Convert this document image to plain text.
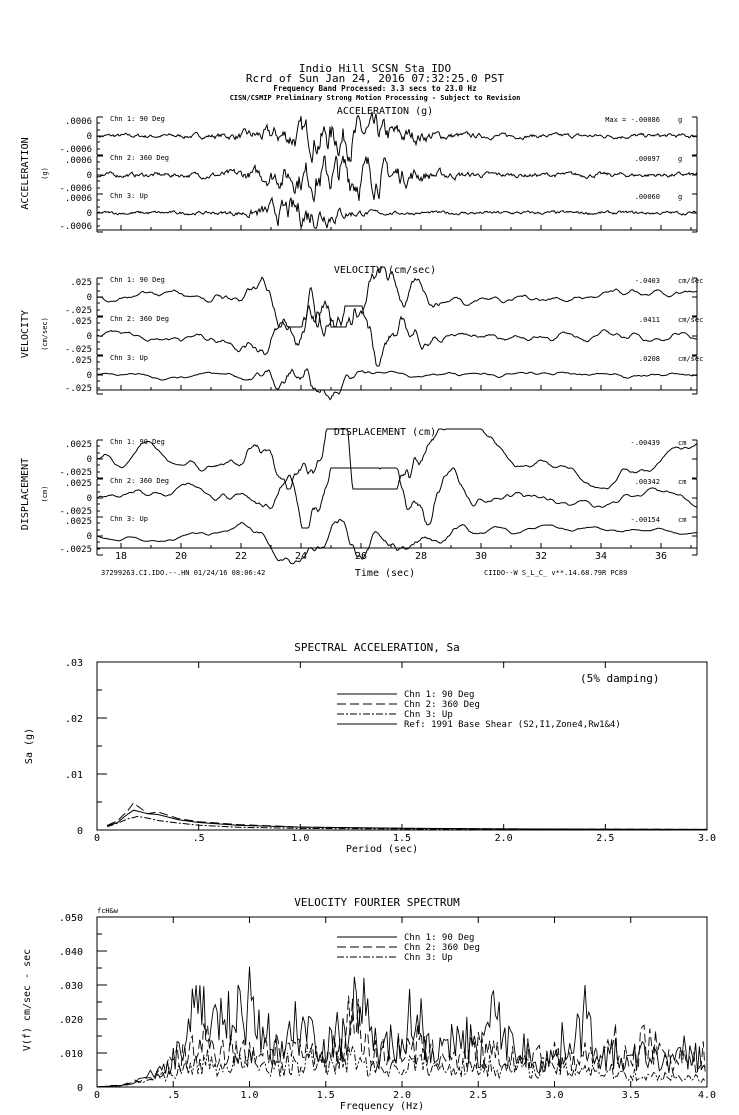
Indio Hill SCSN Sta IDO
Rcrd of Sun Jan 24, 2016 07:32:25.0 PST
Frequency Band Processed: 3.3 secs to 23.0 Hz
CISN/CSMIP Preliminary Strong Motion Processing - Subject to Revision
37299263.CI.IDO.--.HN 01/24/16 08:06:42	CIIDO--W S_L_C_ v**.14.68.79R PC89
Time (sec)
ACCELERATION (g)
ACCELERATION (g)
.0006
0
-.0006
Chn 1: 90 Deg	Max = -.00086	g
.0006
0
-.0006
Chn 2: 360 Deg	.00097	g
.0006
0
-.0006
Chn 3: Up	.00060	g
VELOCITY (cm/sec)
VELOCITY (cm/sec)
.025
0
-.025
Chn 1: 90 Deg	-.0403	cm/sec
.025
0
-.025
Chn 2: 360 Deg	.0411	cm/sec
.025
0
-.025
Chn 3: Up	.0208	cm/sec
DISPLACEMENT (cm)
DISPLACEMENT (cm)
.0025
0
-.0025
Chn 1: 90 Deg	-.00439	cm
.0025
0
-.0025
Chn 2: 360 Deg	.00342	cm
.0025
0
-.0025
Chn 3: Up	-.00154	cm
18	20	22	24	26	28	30	32	34	36
SPECTRAL ACCELERATION, Sa
Period (sec)
0	.5	1.0	1.5	2.0	2.5	3.0
0
.01
.02
.03
Sa (g)
(5% damping)
Chn 1: 90 Deg
Chn 2: 360 Deg
Chn 3: Up
Ref: 1991 Base Shear (S2,I1,Zone4,Rw1&4)
VELOCITY FOURIER SPECTRUM
Frequency (Hz)
0	.5	1.0	1.5	2.0	2.5	3.0	3.5	4.0
0
.010
.020
.030
.040
.050
V(f) cm/sec - sec
fcH&w
Chn 1: 90 Deg
Chn 2: 360 Deg
Chn 3: Up
